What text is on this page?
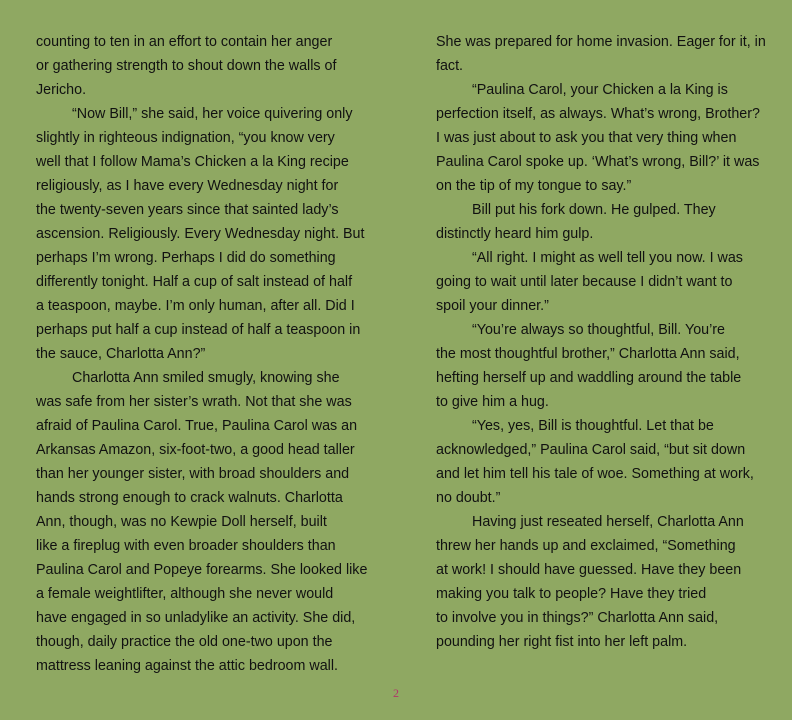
counting to ten in an effort to contain her anger
or gathering strength to shout down the walls of
Jericho.
“Now Bill,” she said, her voice quivering only
slightly in righteous indignation, “you know very
well that I follow Mama’s Chicken a la King recipe
religiously, as I have every Wednesday night for
the twenty-seven years since that sainted lady’s
ascension. Religiously. Every Wednesday night. But
perhaps I’m wrong. Perhaps I did do something
differently tonight. Half a cup of salt instead of half
a teaspoon, maybe. I’m only human, after all. Did I
perhaps put half a cup instead of half a teaspoon in
the sauce, Charlotta Ann?”
Charlotta Ann smiled smugly, knowing she
was safe from her sister’s wrath. Not that she was
afraid of Paulina Carol. True, Paulina Carol was an
Arkansas Amazon, six-foot-two, a good head taller
than her younger sister, with broad shoulders and
hands strong enough to crack walnuts. Charlotta
Ann, though, was no Kewpie Doll herself, built
like a fireplug with even broader shoulders than
Paulina Carol and Popeye forearms. She looked like
a female weightlifter, although she never would
have engaged in so unladylike an activity. She did,
though, daily practice the old one-two upon the
mattress leaning against the attic bedroom wall.
She was prepared for home invasion. Eager for it, in
fact.
“Paulina Carol, your Chicken a la King is
perfection itself, as always. What’s wrong, Brother?
I was just about to ask you that very thing when
Paulina Carol spoke up. ‘What’s wrong, Bill?’ it was
on the tip of my tongue to say.”
Bill put his fork down. He gulped. They
distinctly heard him gulp.
“All right. I might as well tell you now. I was
going to wait until later because I didn’t want to
spoil your dinner.”
“You’re always so thoughtful, Bill. You’re
the most thoughtful brother,” Charlotta Ann said,
hefting herself up and waddling around the table
to give him a hug.
“Yes, yes, Bill is thoughtful. Let that be
acknowledged,” Paulina Carol said, “but sit down
and let him tell his tale of woe. Something at work,
no doubt.”
Having just reseated herself, Charlotta Ann
threw her hands up and exclaimed, “Something
at work! I should have guessed. Have they been
making you talk to people? Have they tried
to involve you in things?” Charlotta Ann said,
pounding her right fist into her left palm.
2
